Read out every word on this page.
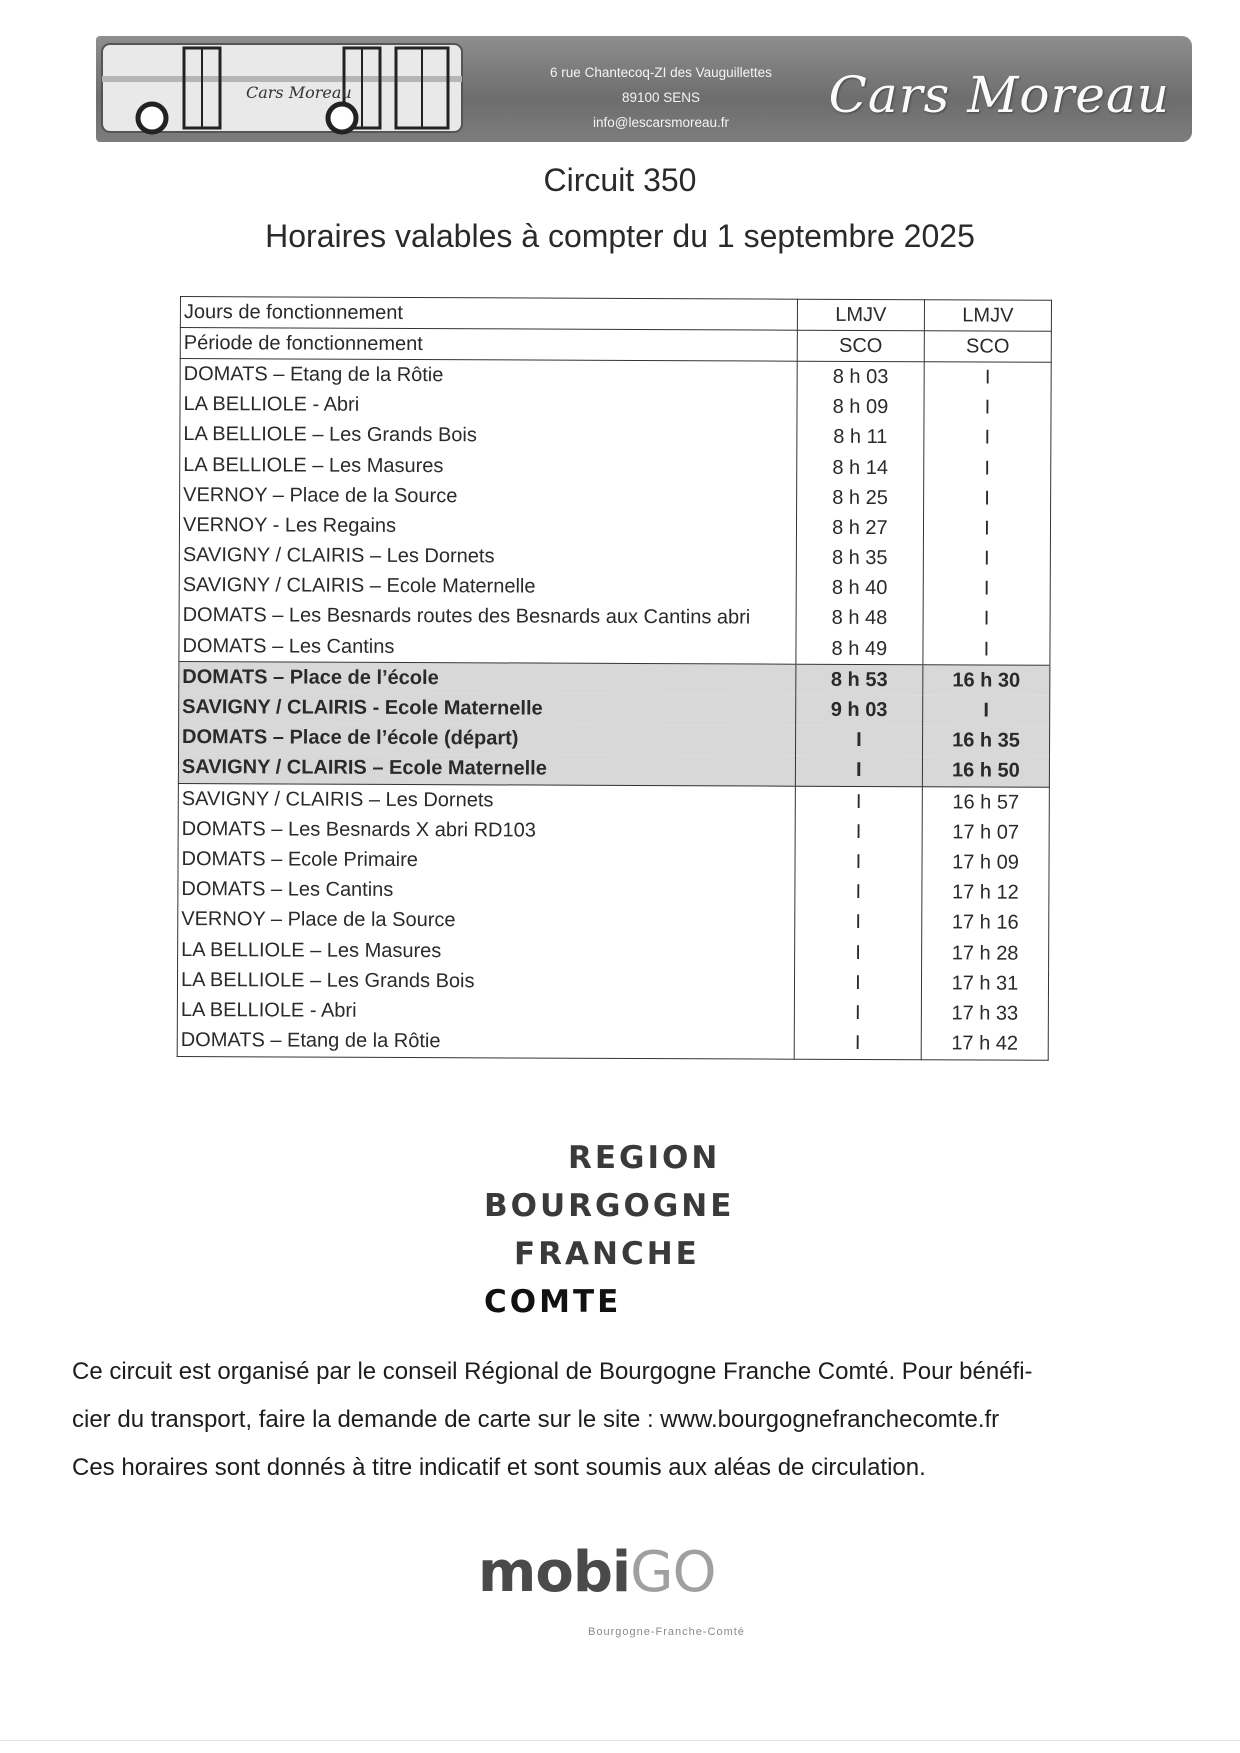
Cars Moreau
6 rue Chantecoq-ZI des Vauguillettes
89100 SENS
info@lescarsmoreau.fr	Cars Moreau
Circuit 350
Horaires valables à compter du 1 septembre 2025
Jours de fonctionnement	LMJV	LMJV
Période de fonctionnement	SCO	SCO
DOMATS – Etang de la Rôtie	8 h 03	I
LA BELLIOLE - Abri	8 h 09	I
LA BELLIOLE – Les Grands Bois	8 h 11	I
LA BELLIOLE – Les Masures	8 h 14	I
VERNOY – Place de la Source	8 h 25	I
VERNOY - Les Regains	8 h 27	I
SAVIGNY / CLAIRIS – Les Dornets	8 h 35	I
SAVIGNY / CLAIRIS – Ecole Maternelle	8 h 40	I
DOMATS – Les Besnards routes des Besnards aux Cantins abri	8 h 48	I
DOMATS – Les Cantins	8 h 49	I
DOMATS – Place de l’école	8 h 53	16 h 30
SAVIGNY / CLAIRIS - Ecole Maternelle	9 h 03	I
DOMATS – Place de l’école (départ)	I	16 h 35
SAVIGNY / CLAIRIS – Ecole Maternelle	I	16 h 50
SAVIGNY / CLAIRIS – Les Dornets	I	16 h 57
DOMATS – Les Besnards X abri RD103	I	17 h 07
DOMATS – Ecole Primaire	I	17 h 09
DOMATS – Les Cantins	I	17 h 12
VERNOY – Place de la Source	I	17 h 16
LA BELLIOLE – Les Masures	I	17 h 28
LA BELLIOLE – Les Grands Bois	I	17 h 31
LA BELLIOLE - Abri	I	17 h 33
DOMATS – Etang de la Rôtie	I	17 h 42
REGION
BOURGOGNE
FRANCHE
COMTE
Ce circuit est organisé par le conseil Régional de Bourgogne Franche Comté. Pour bénéfi-
cier du transport, faire la demande de carte sur le site : www.bourgognefranchecomte.fr
Ces horaires sont donnés à titre indicatif et sont soumis aux aléas de circulation.
mobiGO
Bourgogne-Franche-Comté
